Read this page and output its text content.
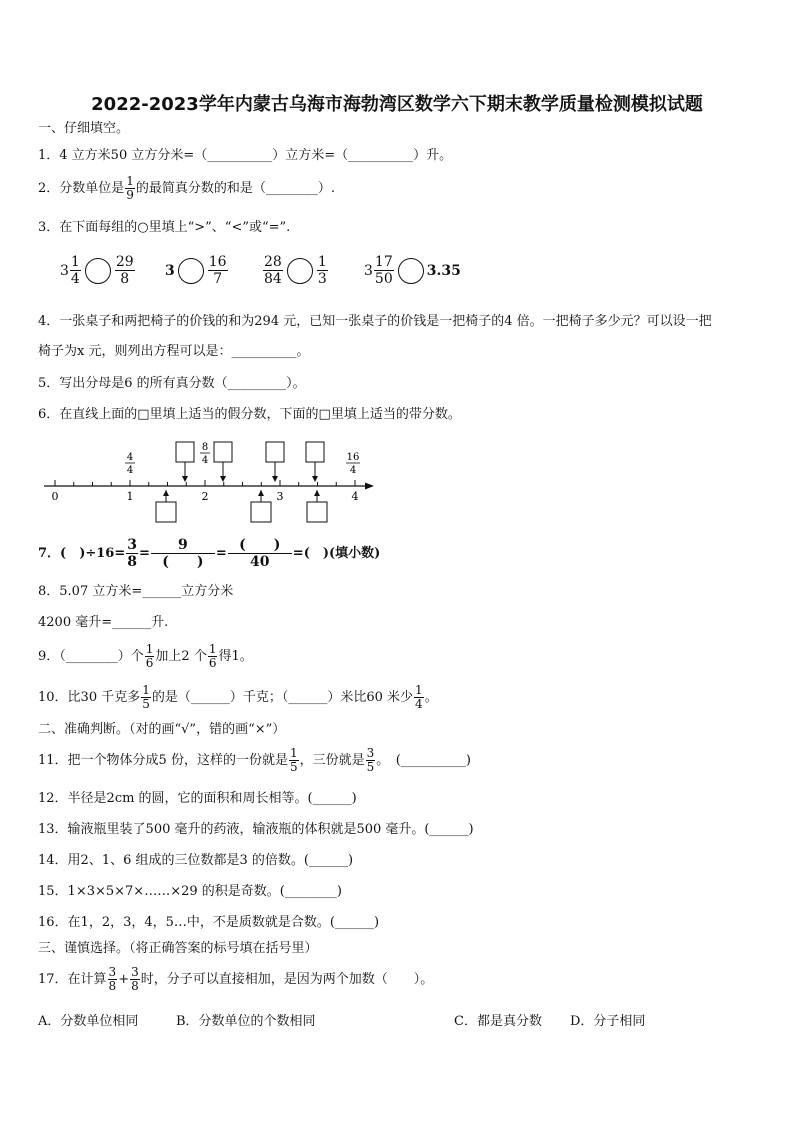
2022-2023学年内蒙古乌海市海勃湾区数学六下期末教学质量检测模拟试题
一、仔细填空。
1．4 立方米50 立方分米=（__________）立方米=（__________）升。
2．分数单位是 $\frac{1}{9}$ 的最简真分数的和是（________）.
3．在下面每组的○里填上“>”、“<”或“=”.
$3 \frac{1}{4} \frac{29}{8} 3 \frac{16}{7}$	$\frac{28}{84} \frac{1}{3}$	$3 \frac{17}{50} 3.35$
4．一张桌子和两把椅子的价钱的和为294 元，已知一张桌子的价钱是一把椅子的4 倍。一把椅子多少元？可以设一把
椅子为x 元，则列出方程可以是：__________。
5．写出分母是6 的所有真分数（_________）。
6．在直线上面的□里填上适当的假分数，下面的□里填上适当的带分数。
0	1	2	3	4
4
4
8
4	16
4
7．(　)$\div 16= \frac{3}{8} = \frac{9}{( )} = \frac{( )}{40}$ =(　)(填小数)
8．5.07 立方米=______立方分米
4200 毫升=______升.
9．（________）个 $\frac{1}{6}$ 加上2 个 $\frac{1}{6}$ 得1。
10．比30 千克多 $\frac{1}{5}$ 的是（______）千克；（______）米比60 米少 $\frac{1}{4}$ 。
二、准确判断。（对的画“√”，错的画“×”）
11．把一个物体分成5 份，这样的一份就是 $\frac{1}{5}$ ，三份就是 $\frac{3}{5}$ 。　(__________)
12．半径是2cm 的圆，它的面积和周长相等。(______)
13．输液瓶里装了500 毫升的药液，输液瓶的体积就是500 毫升。(______)
14．用2、1、6 组成的三位数都是3 的倍数。(______)
15．1×3×5×7×……×29 的积是奇数。(________)
16．在1，2，3，4，5…中，不是质数就是合数。(______)
三、谨慎选择。（将正确答案的标号填在括号里）
17．在计算 $\frac{3}{8} + \frac{3}{8}$ 时，分子可以直接相加，是因为两个加数（　　）。
A．分数单位相同	B．分数单位的个数相同	C．都是真分数 D．分子相同
